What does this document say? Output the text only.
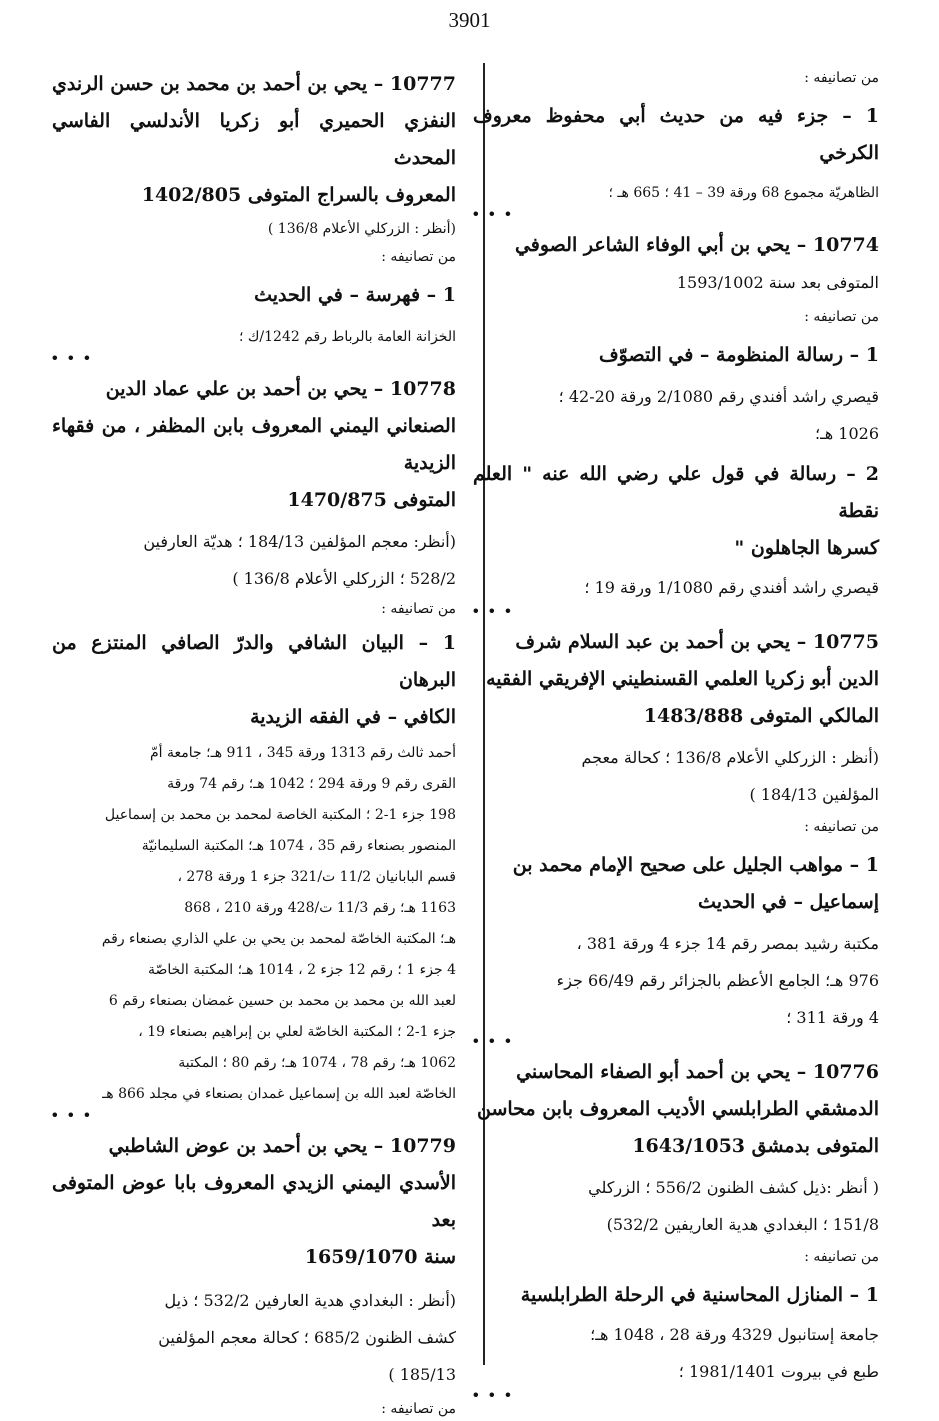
3901

من تصانيفه :

1 – جزء فيه من حديث أبي محفوظ معروف الكرخي

الظاهريّة مجموع 68 ورقة 39 – 41 ؛ 665 هـ ؛

• • •

10774 – يحي بن أبي الوفاء الشاعر الصوفي

المتوفى بعد سنة 1593/1002

من تصانيفه :

1 – رسالة المنظومة – في التصوّف

قيصري راشد أفندي رقم 2/1080 ورقة 20-42 ؛

1026 هـ؛

2 – رسالة في قول علي رضي الله عنه " العلم نقطة

كسرها الجاهلون "

قيصري راشد أفندي رقم 1/1080 ورقة 19 ؛

• • •

10775 – يحي بن أحمد بن عبد السلام شرف

الدين أبو زكريا العلمي القسنطيني الإفريقي الفقيه

المالكي المتوفى 1483/888

(أنظر : الزركلي الأعلام 136/8 ؛ كحالة معجم

المؤلفين 184/13 )

من تصانيفه :

1 – مواهب الجليل على صحيح الإمام محمد بن

إسماعيل – في الحديث

مكتبة رشيد بمصر رقم 14 جزء 4 ورقة 381 ،

976 هـ؛ الجامع الأعظم بالجزائر رقم 66/49 جزء

4 ورقة 311 ؛

• • •

10776 – يحي بن أحمد أبو الصفاء المحاسني

الدمشقي الطرابلسي الأديب المعروف بابن محاسن

المتوفى بدمشق 1643/1053

( أنظر :ذيل كشف الظنون 556/2 ؛ الزركلي

151/8 ؛ البغدادي هدية العاريفين 532/2)

من تصانيفه :

1 – المنازل المحاسنية في الرحلة الطرابلسية

جامعة إستانبول 4329 ورقة 28 ، 1048 هـ؛

طبع في بيروت 1981/1401 ؛

• • •

10777 – يحي بن أحمد بن محمد بن حسن الرندي

النفزي الحميري أبو زكريا الأندلسي الفاسي المحدث

المعروف بالسراج المتوفى 1402/805

(أنظر : الزركلي الأعلام 136/8 )

من تصانيفه :

1 – فهرسة – في الحديث

الخزانة العامة بالرباط رقم 1242/ك ؛

• • •

10778 – يحي بن أحمد بن علي عماد الدين

الصنعاني اليمني المعروف بابن المظفر ، من فقهاء الزيدية

المتوفى 1470/875

(أنظر: معجم المؤلفين 184/13 ؛ هديّة العارفين

528/2 ؛ الزركلي الأعلام 136/8 )

من تصانيفه :

1 – البيان الشافي والدرّ الصافي المنتزع من البرهان

الكافي – في الفقه الزيدية

أحمد ثالث رقم 1313 ورقة 345 ، 911 هـ؛ جامعة أمّ

القرى رقم 9 ورقة 294 ؛ 1042 هـ؛ رقم 74 ورقة

198 جزء 1-2 ؛ المكتبة الخاصة لمحمد بن محمد بن إسماعيل

المنصور بصنعاء رقم 35 ، 1074 هـ؛ المكتبة السليمانيّة

قسم البابانيان 11/2 ت/321 جزء 1 ورقة 278 ،

1163 هـ؛ رقم 11/3 ت/428 ورقة 210 ، 868

هـ؛ المكتبة الخاصّة لمحمد بن يحي بن علي الذاري بصنعاء رقم

4 جزء 1 ؛ رقم 12 جزء 2 ، 1014 هـ؛ المكتبة الخاصّة

لعبد الله بن محمد بن محمد بن حسين غمضان بصنعاء رقم 6

جزء 1-2 ؛ المكتبة الخاصّة لعلي بن إبراهيم بصنعاء 19 ،

1062 هـ؛ رقم 78 ، 1074 هـ؛ رقم 80 ؛ المكتبة

الخاصّة لعبد الله بن إسماعيل غمدان بصنعاء في مجلد 866 هـ

• • •

10779 – يحي بن أحمد بن عوض الشاطبي

الأسدي اليمني الزيدي المعروف بابا عوض المتوفى بعد

سنة 1659/1070

(أنظر : البغدادي هدية العارفين 532/2 ؛ ذيل

كشف الظنون 685/2 ؛ كحالة معجم المؤلفين

185/13 )

من تصانيفه :
